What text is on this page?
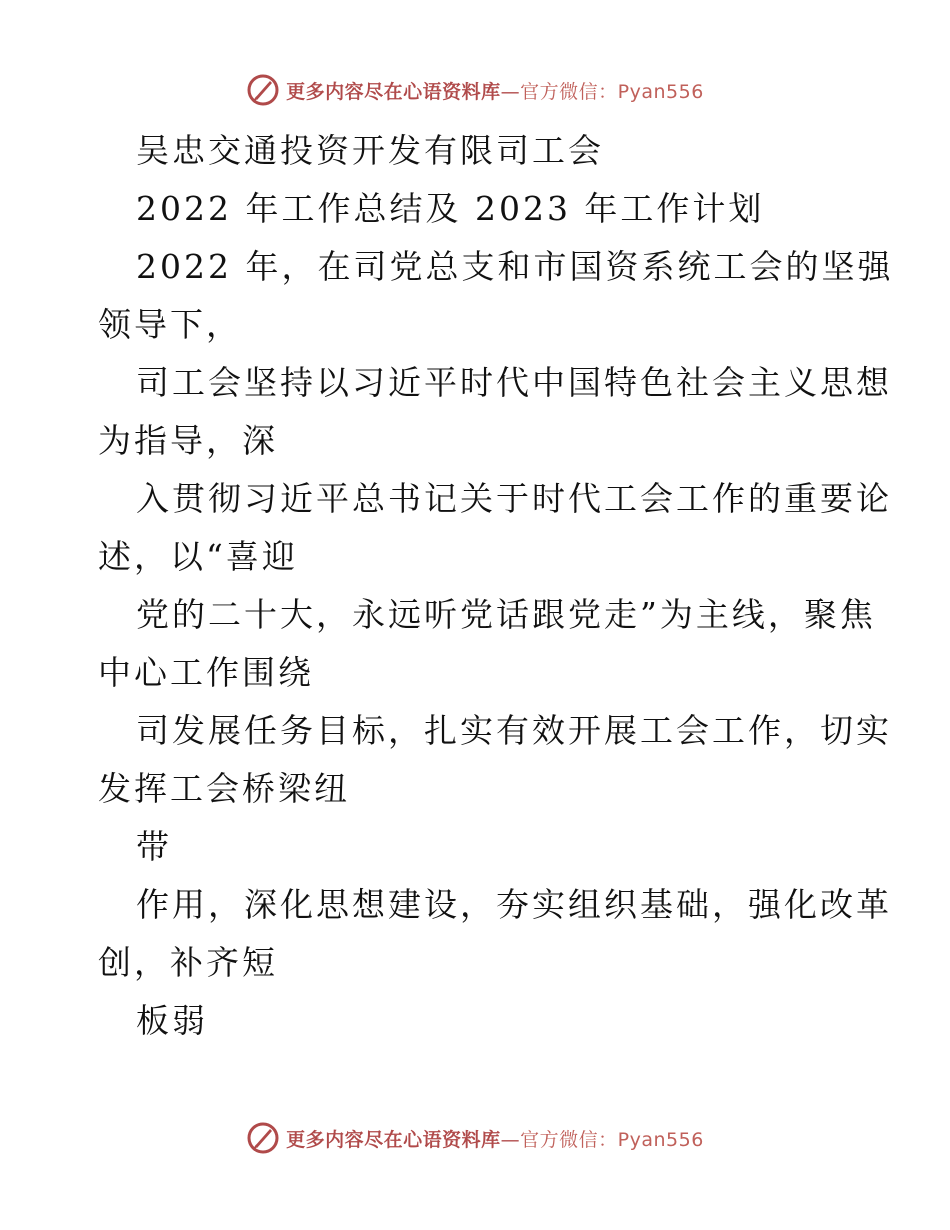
更多内容尽在心语资料库—官方微信：Pyan556
吴忠交通投资开发有限司工会
2022 年工作总结及 2023 年工作计划
2022 年，在司党总支和市国资系统工会的坚强
领导下，
司工会坚持以习近平时代中国特色社会主义思想
为指导，深
入贯彻习近平总书记关于时代工会工作的重要论
述，以“喜迎
党的二十大，永远听党话跟党走”为主线，聚焦
中心工作围绕
司发展任务目标，扎实有效开展工会工作，切实
发挥工会桥梁纽
带
作用，深化思想建设，夯实组织基础，强化改革
创，补齐短
板弱
更多内容尽在心语资料库—官方微信：Pyan556
